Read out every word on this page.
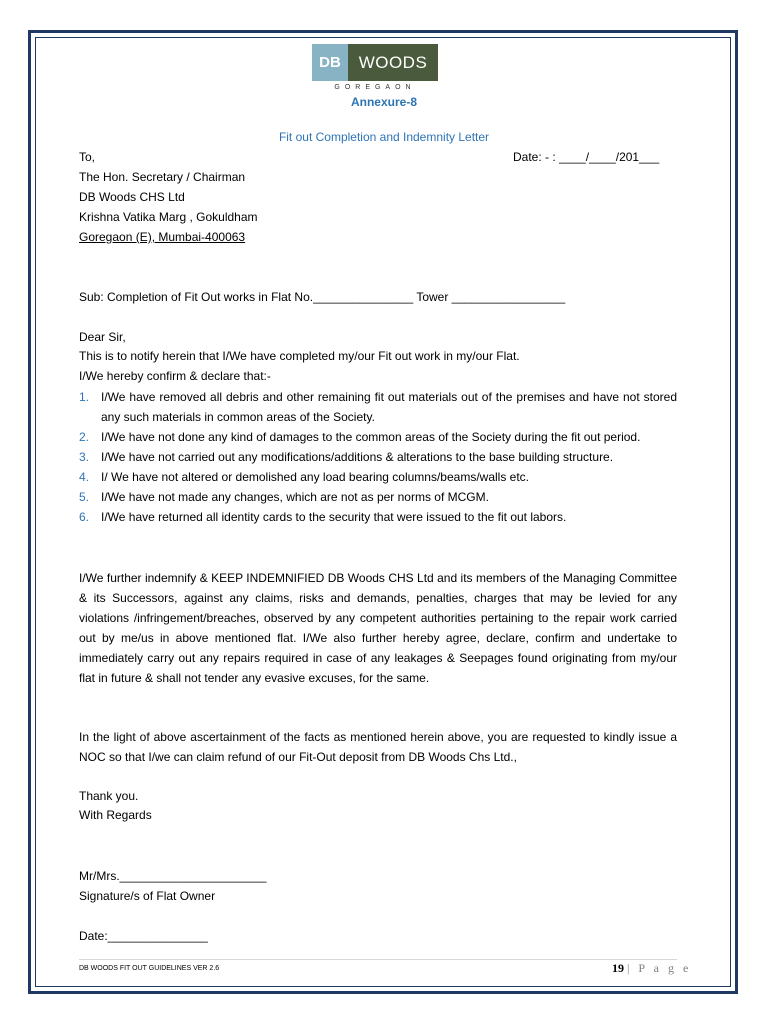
DB	WOODS
GOREGAON
Annexure-8
Fit out Completion and Indemnity Letter
To,	Date: - : ____/____/201___
The Hon. Secretary / Chairman
DB Woods CHS Ltd
Krishna Vatika Marg , Gokuldham
Goregaon (E), Mumbai-400063
Sub: Completion of Fit Out works in Flat No._______________ Tower _________________
Dear Sir,
This is to notify herein that I/We have completed my/our Fit out work in my/our Flat.
I/We hereby confirm & declare that:-
1. I/We have removed all debris and other remaining fit out materials out of the premises and have not stored any such materials in common areas of the Society.
2. I/We have not done any kind of damages to the common areas of the Society during the fit out period.
3. I/We have not carried out any modifications/additions & alterations to the base building structure.
4. I/ We have not altered or demolished any load bearing columns/beams/walls etc.
5. I/We have not made any changes, which are not as per norms of MCGM.
6. I/We have returned all identity cards to the security that were issued to the fit out labors.
I/We further indemnify & KEEP INDEMNIFIED DB Woods CHS Ltd and its members of the Managing Committee & its Successors, against any claims, risks and demands, penalties, charges that may be levied for any violations /infringement/breaches, observed by any competent authorities pertaining to the repair work carried out by me/us in above mentioned flat. I/We also further hereby agree, declare, confirm and undertake to immediately carry out any repairs required in case of any leakages & Seepages found originating from my/our flat in future & shall not tender any evasive excuses, for the same.
In the light of above ascertainment of the facts as mentioned herein above, you are requested to kindly issue a NOC so that I/we can claim refund of our Fit-Out deposit from DB Woods Chs Ltd.,
Thank you.
With Regards
Mr/Mrs.______________________
Signature/s of Flat Owner
Date:_______________
DB WOODS FIT OUT GUIDELINES VER 2.6	19 | P a g e
